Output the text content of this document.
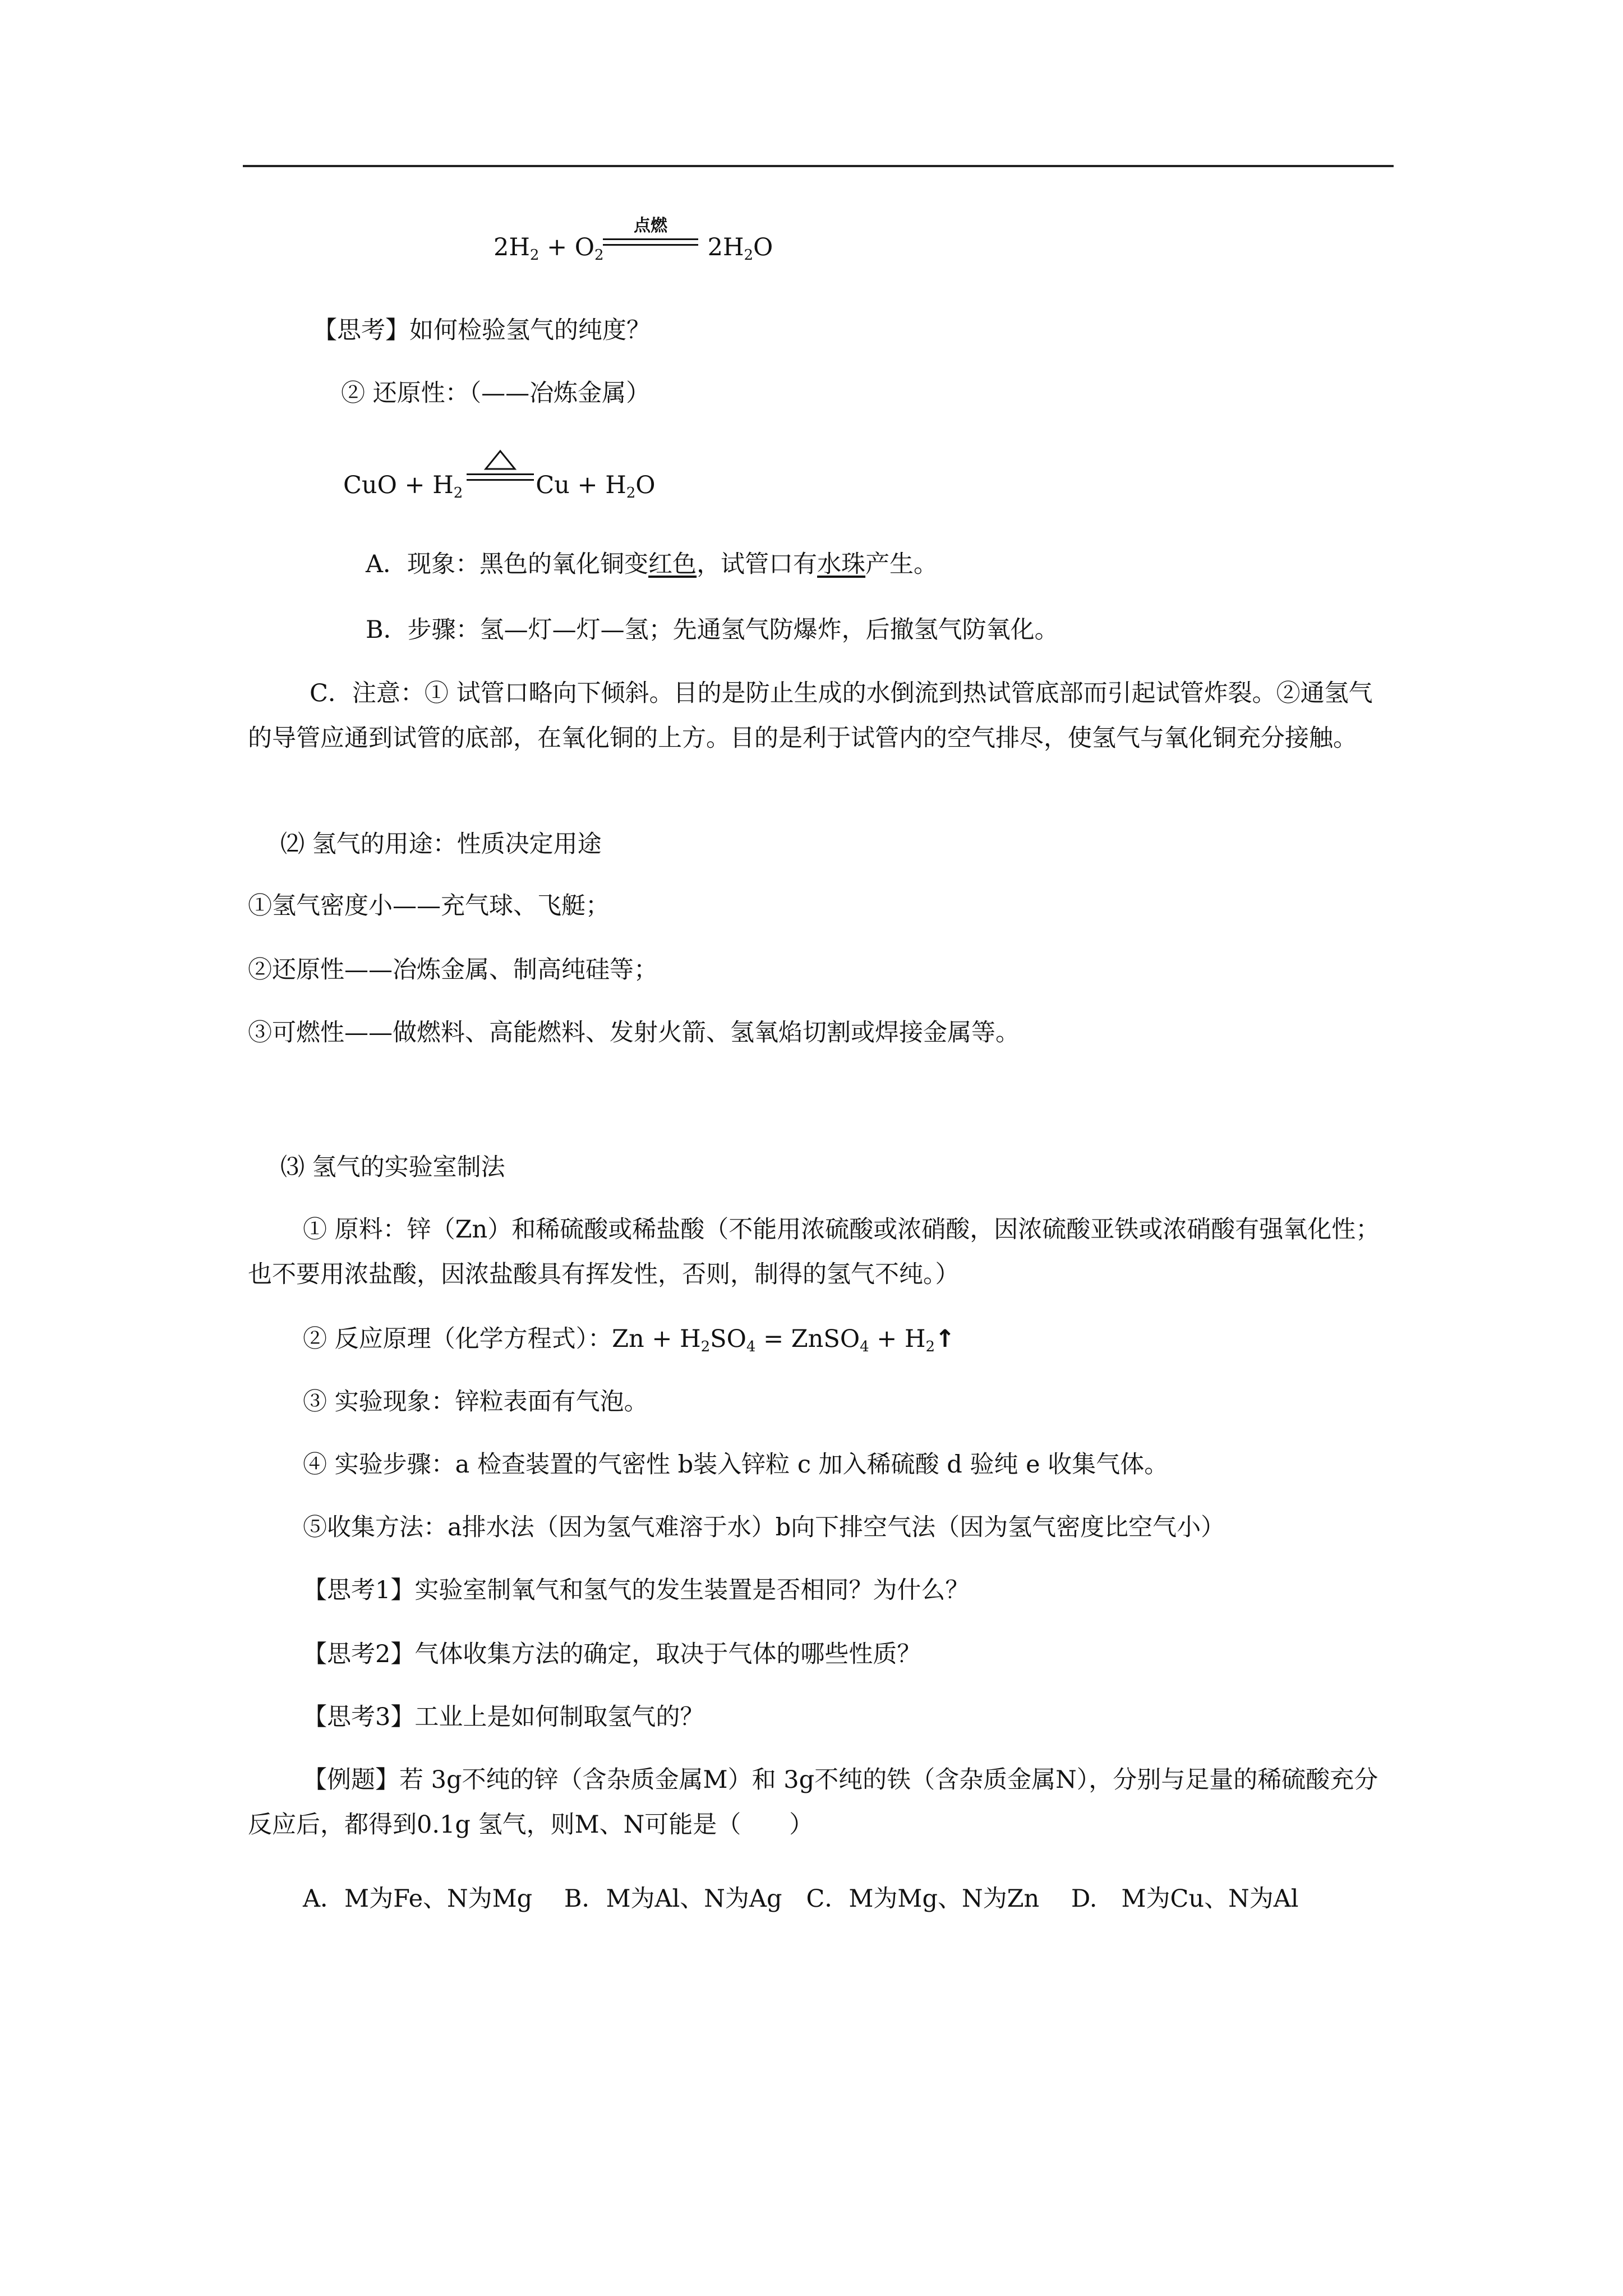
$2H_2 + O_2$	$2H_2O$
点燃
【思考】如何检验氢气的纯度？
② 还原性：（——冶炼金属）
CuO + $H_2$	$Cu + H_2O$
A．现象：黑色的氧化铜变红色，试管口有水珠产生。
B．步骤：氢—灯—灯—氢；先通氢气防爆炸，后撤氢气防氧化。
C．注意：① 试管口略向下倾斜。目的是防止生成的水倒流到热试管底部而引起试管炸裂。②通氢气的导管应通到试管的底部，在氧化铜的上方。目的是利于试管内的空气排尽，使氢气与氧化铜充分接触。
⑵ 氢气的用途：性质决定用途
①氢气密度小——充气球、飞艇；
②还原性——冶炼金属、制高纯硅等；
③可燃性——做燃料、高能燃料、发射火箭、氢氧焰切割或焊接金属等。
⑶ 氢气的实验室制法
① 原料：锌（Zn）和稀硫酸或稀盐酸（不能用浓硫酸或浓硝酸，因浓硫酸亚铁或浓硝酸有强氧化性；也不要用浓盐酸，因浓盐酸具有挥发性，否则，制得的氢气不纯。）
② 反应原理（化学方程式）：$Zn + H_2SO_4$ = ZnSO$_4$ + $H_2↑$
③ 实验现象：锌粒表面有气泡。
④ 实验步骤：a 检查装置的气密性 b装入锌粒 c 加入稀硫酸 d 验纯 e 收集气体。
⑤收集方法：a排水法（因为氢气难溶于水）b向下排空气法（因为氢气密度比空气小）
【思考1】实验室制氧气和氢气的发生装置是否相同？为什么？
【思考2】气体收集方法的确定，取决于气体的哪些性质？
【思考3】工业上是如何制取氢气的？
【例题】若 3g不纯的锌（含杂质金属M）和 3g不纯的铁（含杂质金属N），分别与足量的稀硫酸充分反应后，都得到0.1g 氢气，则M、N可能是（　　）
A．M为Fe、N为Mg　 B．M为Al、N为Ag　C．M为Mg、N为Zn　 D.　M为Cu、N为Al
